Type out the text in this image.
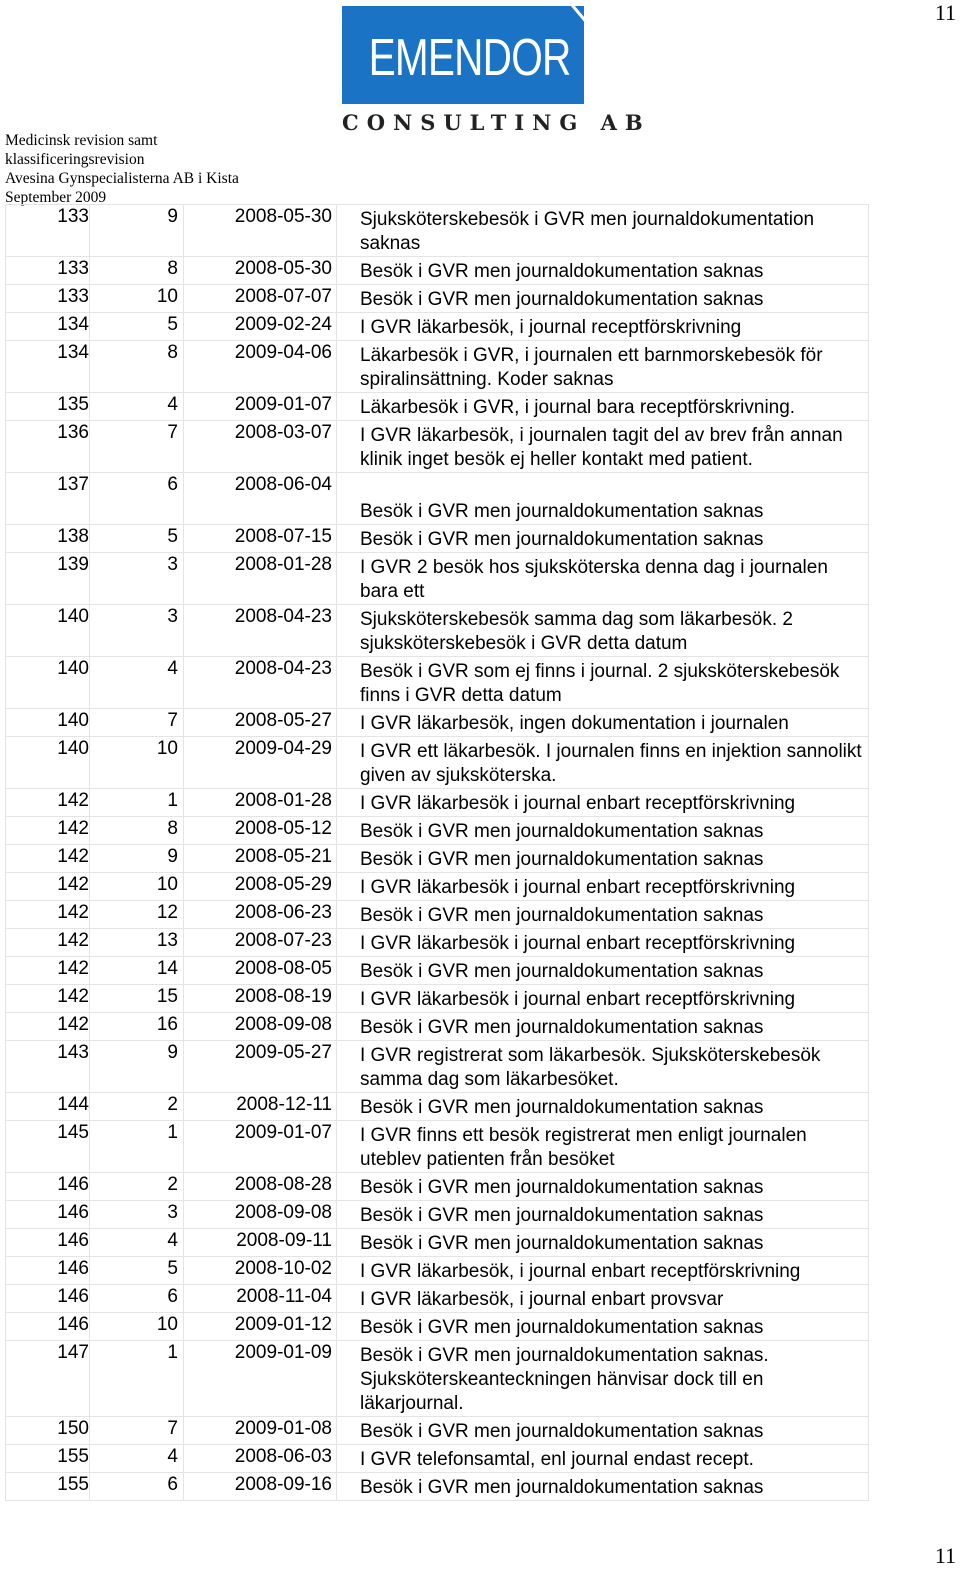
11
EMENDOR
CONSULTING AB
Medicinsk revision samt
klassificeringsrevision
Avesina Gynspecialisterna AB i Kista
September 2009
133	9	2008-05-30	Sjuksköterskebesök i GVR men journaldokumentation saknas
133	8	2008-05-30	Besök i GVR men journaldokumentation saknas
133	10	2008-07-07	Besök i GVR men journaldokumentation saknas
134	5	2009-02-24	I GVR läkarbesök, i journal receptförskrivning
134	8	2009-04-06	Läkarbesök i GVR, i journalen ett barnmorskebesök för spiralinsättning. Koder saknas
135	4	2009-01-07	Läkarbesök i GVR, i journal bara receptförskrivning.
136	7	2008-03-07	I GVR läkarbesök, i journalen tagit del av brev från annan klinik inget besök ej heller kontakt med patient.
137	6	2008-06-04	Besök i GVR men journaldokumentation saknas
138	5	2008-07-15	Besök i GVR men journaldokumentation saknas
139	3	2008-01-28	I GVR 2 besök hos sjuksköterska denna dag i journalen bara ett
140	3	2008-04-23	Sjuksköterskebesök samma dag som läkarbesök. 2 sjuksköterskebesök i GVR detta datum
140	4	2008-04-23	Besök i GVR som ej finns i journal. 2 sjuksköterskebesök finns i GVR detta datum
140	7	2008-05-27	I GVR läkarbesök, ingen dokumentation i journalen
140	10	2009-04-29	I GVR ett läkarbesök. I journalen finns en injektion sannolikt given av sjuksköterska.
142	1	2008-01-28	I GVR läkarbesök i journal enbart receptförskrivning
142	8	2008-05-12	Besök i GVR men journaldokumentation saknas
142	9	2008-05-21	Besök i GVR men journaldokumentation saknas
142	10	2008-05-29	I GVR läkarbesök i journal enbart receptförskrivning
142	12	2008-06-23	Besök i GVR men journaldokumentation saknas
142	13	2008-07-23	I GVR läkarbesök i journal enbart receptförskrivning
142	14	2008-08-05	Besök i GVR men journaldokumentation saknas
142	15	2008-08-19	I GVR läkarbesök i journal enbart receptförskrivning
142	16	2008-09-08	Besök i GVR men journaldokumentation saknas
143	9	2009-05-27	I GVR registrerat som läkarbesök. Sjuksköterskebesök samma dag som läkarbesöket.
144	2	2008-12-11	Besök i GVR men journaldokumentation saknas
145	1	2009-01-07	I GVR finns ett besök registrerat men enligt journalen uteblev patienten från besöket
146	2	2008-08-28	Besök i GVR men journaldokumentation saknas
146	3	2008-09-08	Besök i GVR men journaldokumentation saknas
146	4	2008-09-11	Besök i GVR men journaldokumentation saknas
146	5	2008-10-02	I GVR läkarbesök, i journal enbart receptförskrivning
146	6	2008-11-04	I GVR läkarbesök, i journal enbart provsvar
146	10	2009-01-12	Besök i GVR men journaldokumentation saknas
147	1	2009-01-09	Besök i GVR men journaldokumentation saknas. Sjuksköterskeanteckningen hänvisar dock till en läkarjournal.
150	7	2009-01-08	Besök i GVR men journaldokumentation saknas
155	4	2008-06-03	I GVR telefonsamtal, enl journal endast recept.
155	6	2008-09-16	Besök i GVR men journaldokumentation saknas
11
